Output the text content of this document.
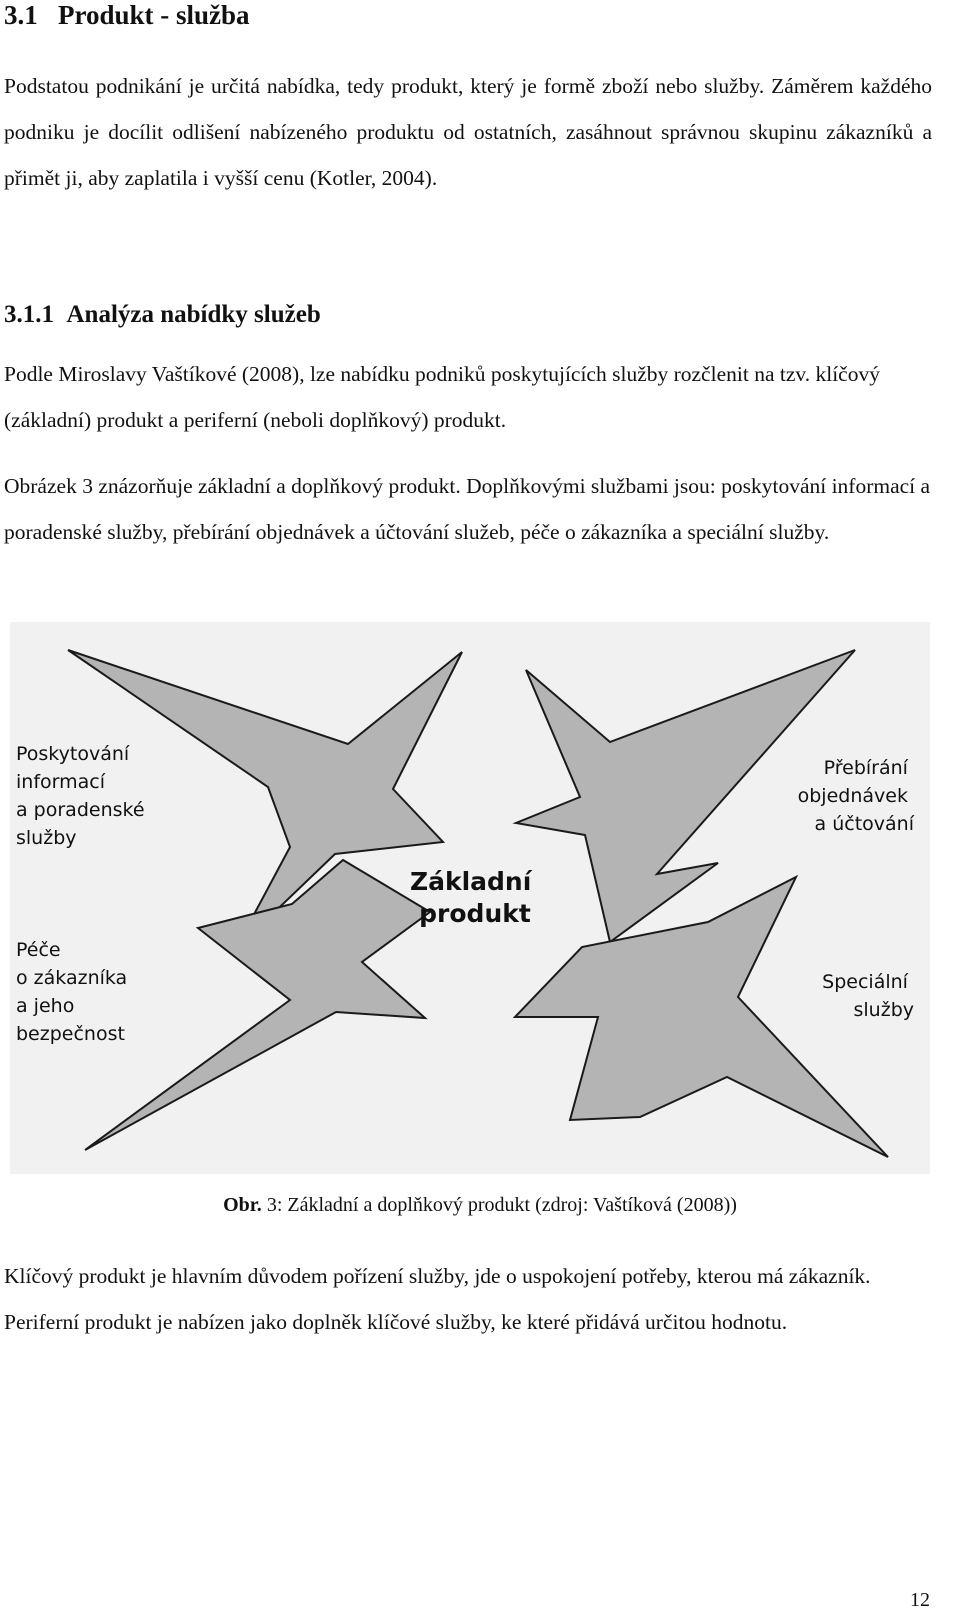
3.1 Produkt - služba

Podstatou podnikání je určitá nabídka, tedy produkt, který je formě zboží nebo služby. Záměrem každého podniku je docílit odlišení nabízeného produktu od ostatních, zasáhnout správnou skupinu zákazníků a přimět ji, aby zaplatila i vyšší cenu (Kotler, 2004).

3.1.1 Analýza nabídky služeb

Podle Miroslavy Vaštíkové (2008), lze nabídku podniků poskytujících služby rozčlenit na tzv. klíčový (základní) produkt a periferní (neboli doplňkový) produkt.

Obrázek 3 znázorňuje základní a doplňkový produkt. Doplňkovými službami jsou: poskytování informací a poradenské služby, přebírání objednávek a účtování služeb, péče o zákazníka a speciální služby.

Základní produkt
Poskytování informací a poradenské služby
Přebírání objednávek a účtování
Péče o zákazníka a jeho bezpečnost
Speciální služby
Obr. 3: Základní a doplňkový produkt (zdroj: Vaštíková (2008))

Klíčový produkt je hlavním důvodem pořízení služby, jde o uspokojení potřeby, kterou má zákazník. Periferní produkt je nabízen jako doplněk klíčové služby, ke které přidává určitou hodnotu.

12
